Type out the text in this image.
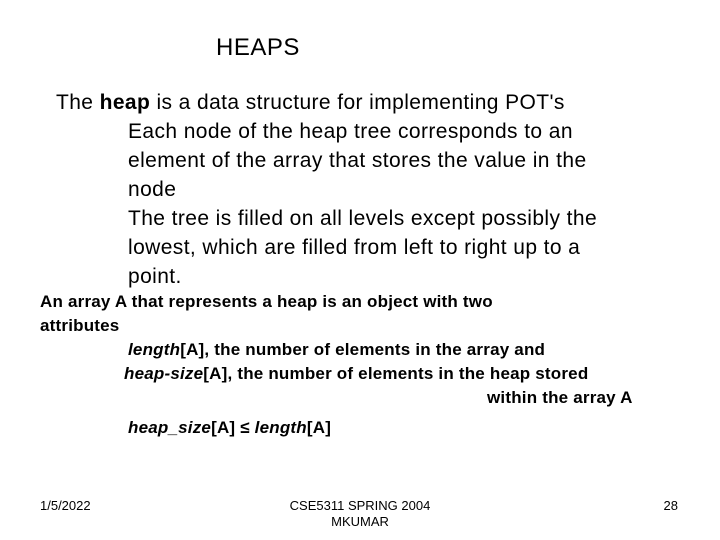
HEAPS
The heap is a data structure for implementing POT's
Each node of the heap tree corresponds to an
element of the array that stores the value in the
node
The tree is filled on all levels except possibly the
lowest, which are filled from left to right up to a
point.
An array A that represents a heap is an object with two
attributes
length[A], the number of elements in the array and
heap-size[A], the number of elements in the heap stored
within the array A
heap_size[A] ≤ length[A]
1/5/2022	CSE5311 SPRING 2004
MKUMAR
28
